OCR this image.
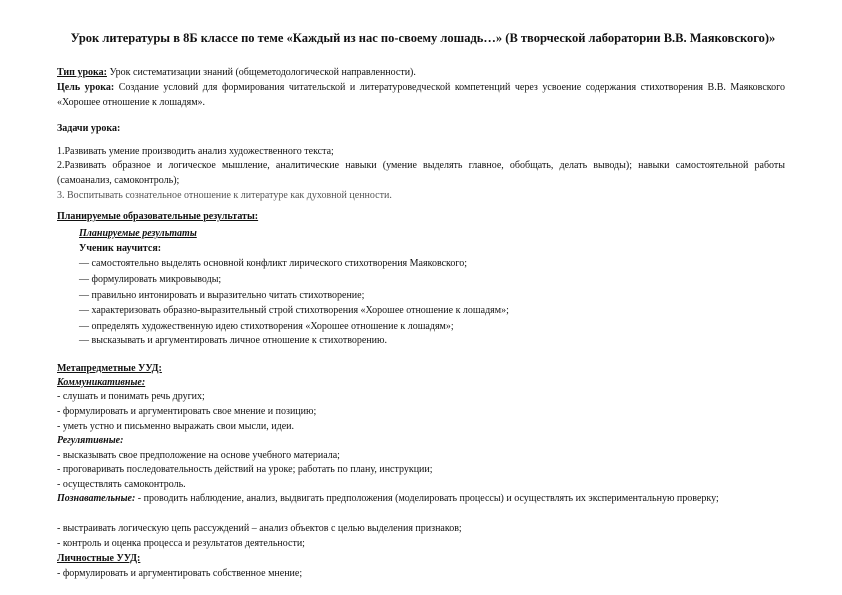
Урок литературы в 8Б классе по теме «Каждый из нас по-своему лошадь…» (В творческой лаборатории В.В. Маяковского)»
Тип урока: Урок систематизации знаний (общеметодологической направленности).
Цель урока: Создание условий для формирования читательской и литературоведческой компетенций через усвоение содержания стихотворения В.В. Маяковского «Хорошее отношение к лошадям».
Задачи урока:
1.Развивать умение производить анализ художественного текста;
2.Развивать образное и логическое мышление, аналитические навыки (умение выделять главное, обобщать, делать выводы); навыки самостоятельной работы (самоанализ, самоконтроль);
3. Воспитывать сознательное отношение к литературе как духовной ценности.
Планируемые образовательные результаты:
Планируемые результаты
Ученик научится:
— самостоятельно выделять основной конфликт лирического стихотворения Маяковского;
— формулировать микровыводы;
— правильно интонировать и выразительно читать стихотворение;
— характеризовать образно-выразительный строй стихотворения «Хорошее отношение к лошадям»;
— определять художественную идею стихотворения «Хорошее отношение к лошадям»;
— высказывать и аргументировать личное отношение к стихотворению.
Метапредметные УУД:
Коммуникативные:
- слушать и понимать речь других;
- формулировать и аргументировать свое мнение и позицию;
- уметь устно и письменно выражать свои мысли, идеи.
Регулятивные:
- высказывать свое предположение на основе учебного материала;
- проговаривать последовательность действий на уроке; работать по плану, инструкции;
- осуществлять самоконтроль.
Познавательные: - проводить наблюдение, анализ, выдвигать предположения (моделировать процессы) и осуществлять их экспериментальную проверку;
- выстраивать логическую цепь рассуждений – анализ объектов с целью выделения признаков;
- контроль и оценка процесса и результатов деятельности;
Личностные УУД:
- формулировать и аргументировать собственное мнение;
